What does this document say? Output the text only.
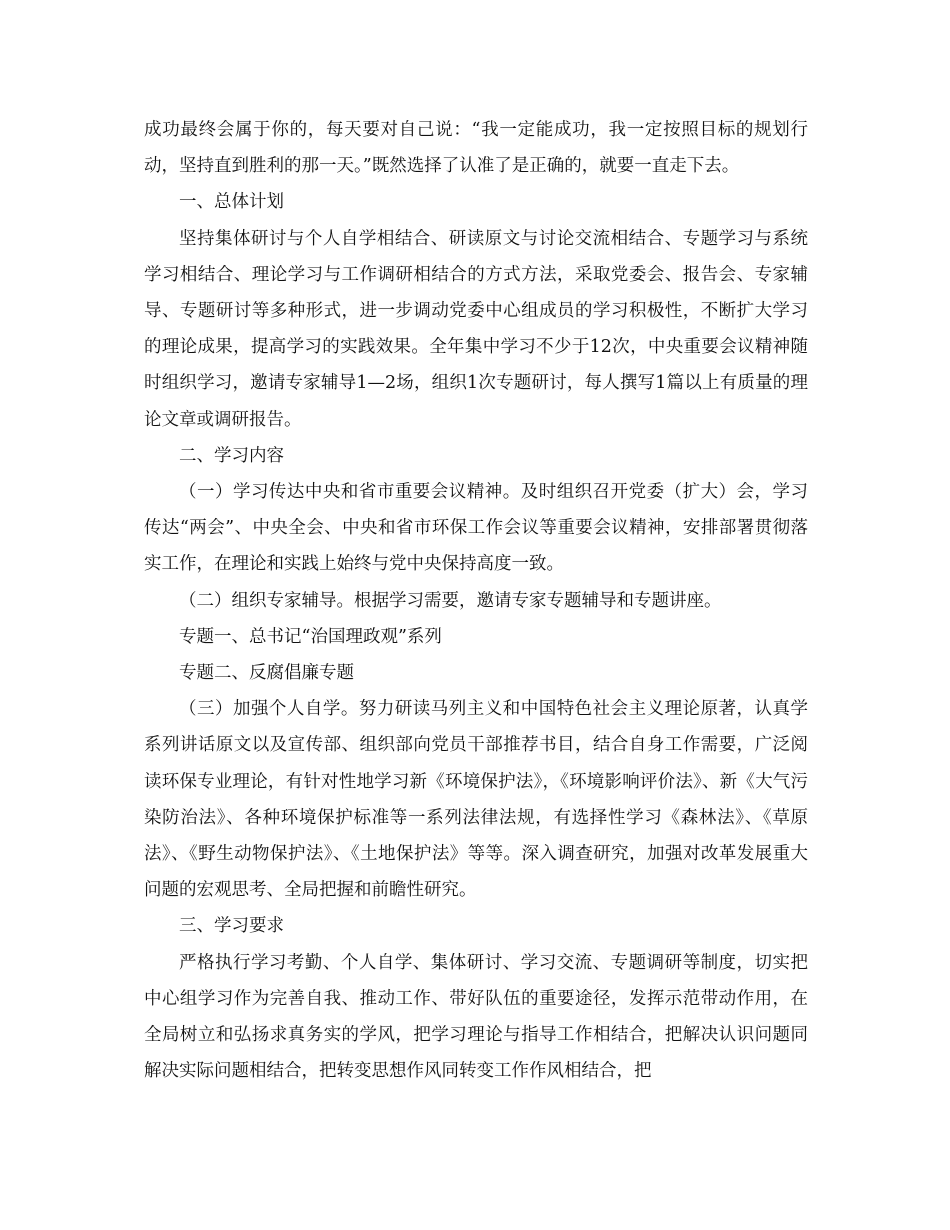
成功最终会属于你的，每天要对自己说：“我一定能成功，我一定按照目标的规划行动，坚持直到胜利的那一天。”既然选择了认准了是正确的，就要一直走下去。

一、总体计划

坚持集体研讨与个人自学相结合、研读原文与讨论交流相结合、专题学习与系统学习相结合、理论学习与工作调研相结合的方式方法，采取党委会、报告会、专家辅导、专题研讨等多种形式，进一步调动党委中心组成员的学习积极性，不断扩大学习的理论成果，提高学习的实践效果。全年集中学习不少于12次，中央重要会议精神随时组织学习，邀请专家辅导1—2场，组织1次专题研讨，每人撰写1篇以上有质量的理论文章或调研报告。

二、学习内容

（一）学习传达中央和省市重要会议精神。及时组织召开党委（扩大）会，学习传达“两会”、中央全会、中央和省市环保工作会议等重要会议精神，安排部署贯彻落实工作，在理论和实践上始终与党中央保持高度一致。

（二）组织专家辅导。根据学习需要，邀请专家专题辅导和专题讲座。

专题一、总书记“治国理政观”系列

专题二、反腐倡廉专题

（三）加强个人自学。努力研读马列主义和中国特色社会主义理论原著，认真学系列讲话原文以及宣传部、组织部向党员干部推荐书目，结合自身工作需要，广泛阅读环保专业理论，有针对性地学习新《环境保护法》，《环境影响评价法》、新《大气污染防治法》、各种环境保护标准等一系列法律法规，有选择性学习《森林法》、《草原法》、《野生动物保护法》、《土地保护法》等等。深入调查研究，加强对改革发展重大问题的宏观思考、全局把握和前瞻性研究。

三、学习要求

严格执行学习考勤、个人自学、集体研讨、学习交流、专题调研等制度，切实把中心组学习作为完善自我、推动工作、带好队伍的重要途径，发挥示范带动作用，在全局树立和弘扬求真务实的学风，把学习理论与指导工作相结合，把解决认识问题同解决实际问题相结合，把转变思想作风同转变工作作风相结合，把
